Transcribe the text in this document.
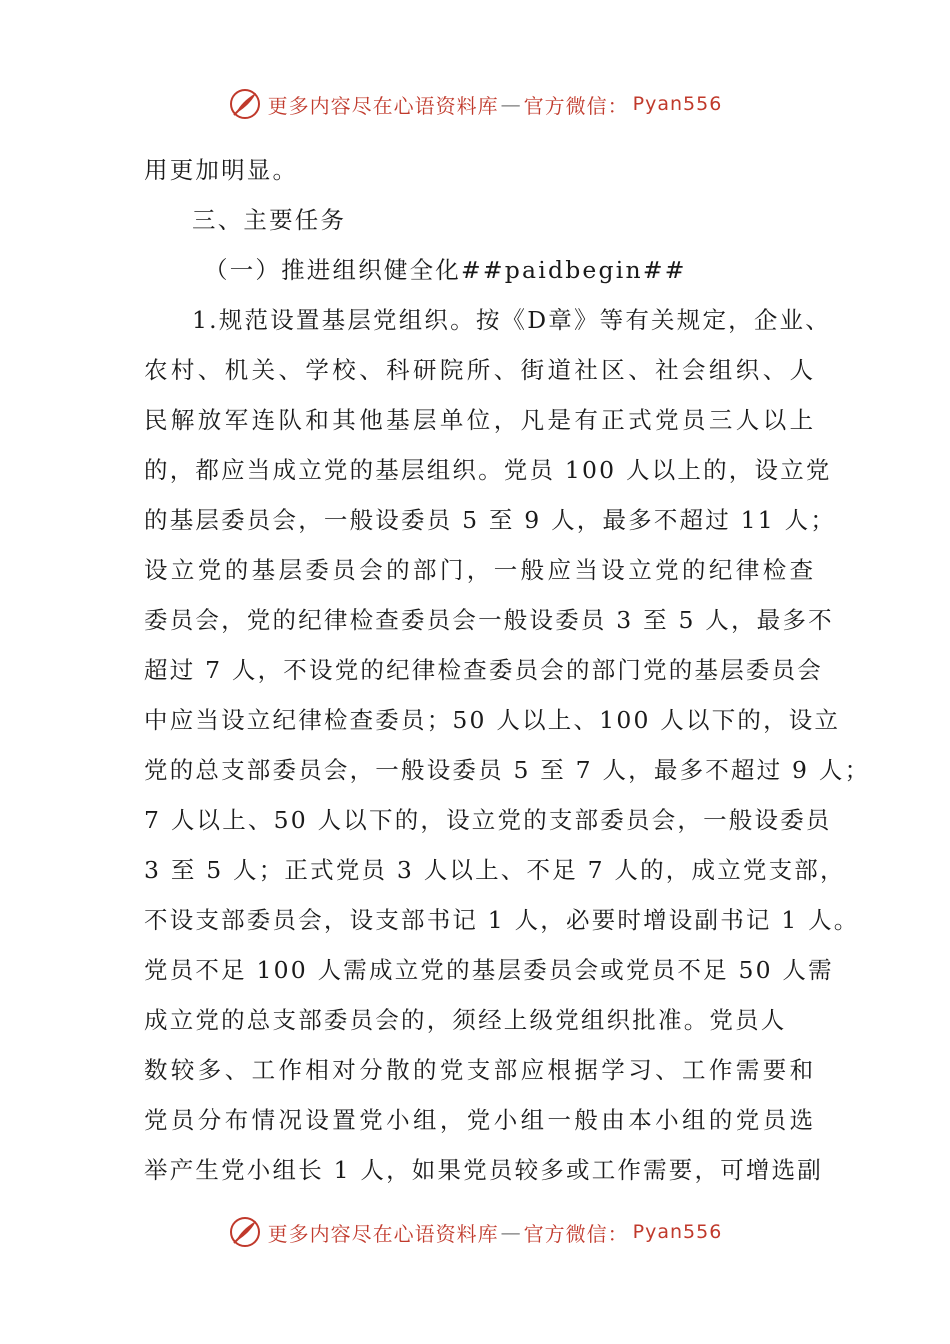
更多内容尽在心语资料库 — 官方微信： Pyan556
用更加明显。
三、主要任务
（一）推进组织健全化##paidbegin##
1.规范设置基层党组织。按《D章》等有关规定，企业、
农村、机关、学校、科研院所、街道社区、社会组织、人
民解放军连队和其他基层单位，凡是有正式党员三人以上
的，都应当成立党的基层组织。党员 100 人以上的，设立党
的基层委员会，一般设委员 5 至 9 人，最多不超过 11 人；
设立党的基层委员会的部门，一般应当设立党的纪律检查
委员会，党的纪律检查委员会一般设委员 3 至 5 人，最多不
超过 7 人，不设党的纪律检查委员会的部门党的基层委员会
中应当设立纪律检查委员；50 人以上、100 人以下的，设立
党的总支部委员会，一般设委员 5 至 7 人，最多不超过 9 人；
7 人以上、50 人以下的，设立党的支部委员会，一般设委员
3 至 5 人；正式党员 3 人以上、不足 7 人的，成立党支部，
不设支部委员会，设支部书记 1 人，必要时增设副书记 1 人。
党员不足 100 人需成立党的基层委员会或党员不足 50 人需
成立党的总支部委员会的，须经上级党组织批准。党员人
数较多、工作相对分散的党支部应根据学习、工作需要和
党员分布情况设置党小组，党小组一般由本小组的党员选
举产生党小组长 1 人，如果党员较多或工作需要，可增选副
更多内容尽在心语资料库 — 官方微信： Pyan556
